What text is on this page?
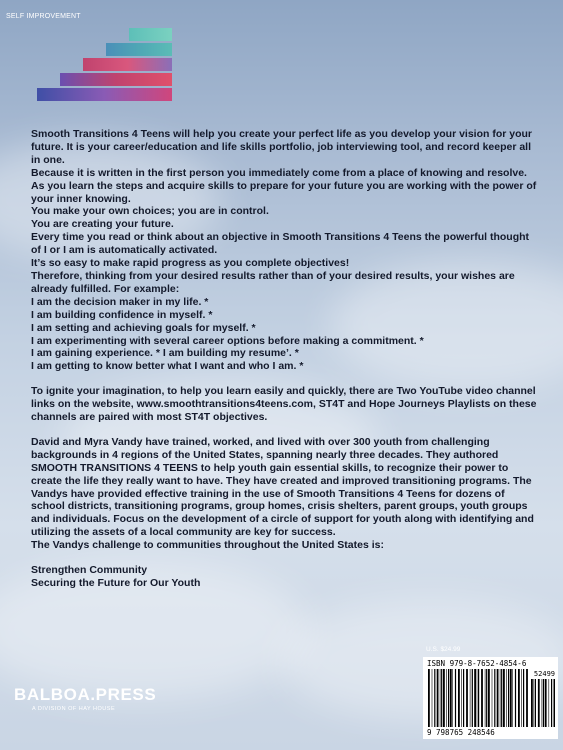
SELF IMPROVEMENT

Smooth Transitions 4 Teens will help you create your perfect life as you develop your vision for your future. It is your career/education and life skills portfolio, job interviewing tool, and record keeper all in one.

Because it is written in the first person you immediately come from a place of knowing and resolve.

As you learn the steps and acquire skills to prepare for your future you are working with the power of your inner knowing.

You make your own choices; you are in control.

You are creating your future.

Every time you read or think about an objective in Smooth Transitions 4 Teens the powerful thought of I or I am is automatically activated.

It’s so easy to make rapid progress as you complete objectives!

Therefore, thinking from your desired results rather than of your desired results, your wishes are already fulfilled. For example:

I am the decision maker in my life. *

I am building confidence in myself. *

I am setting and achieving goals for myself. *

I am experimenting with several career options before making a commitment. *

I am gaining experience. * I am building my resume’. *

I am getting to know better what I want and who I am. *

To ignite your imagination, to help you learn easily and quickly, there are Two YouTube video channel links on the website, www.smoothtransitions4teens.com, ST4T and Hope Journeys Playlists on these channels are paired with most ST4T objectives.

David and Myra Vandy have trained, worked, and lived with over 300 youth from challenging backgrounds in 4 regions of the United States, spanning nearly three decades. They authored SMOOTH TRANSITIONS 4 TEENS to help youth gain essential skills, to recognize their power to create the life they really want to have. They have created and improved transitioning programs. The Vandys have provided effective training in the use of Smooth Transitions 4 Teens for dozens of school districts, transitioning programs, group homes, crisis shelters, parent groups, youth groups and individuals. Focus on the development of a circle of support for youth along with identifying and utilizing the assets of a local community are key for success.

The Vandys challenge to communities throughout the United States is:

Strengthen Community

Securing the Future for Our Youth

U.S. $24.99
ISBN 979-8-7652-4854-6
52499
9 798765 248546
BALBOA.PRESS
A DIVISION OF HAY HOUSE
